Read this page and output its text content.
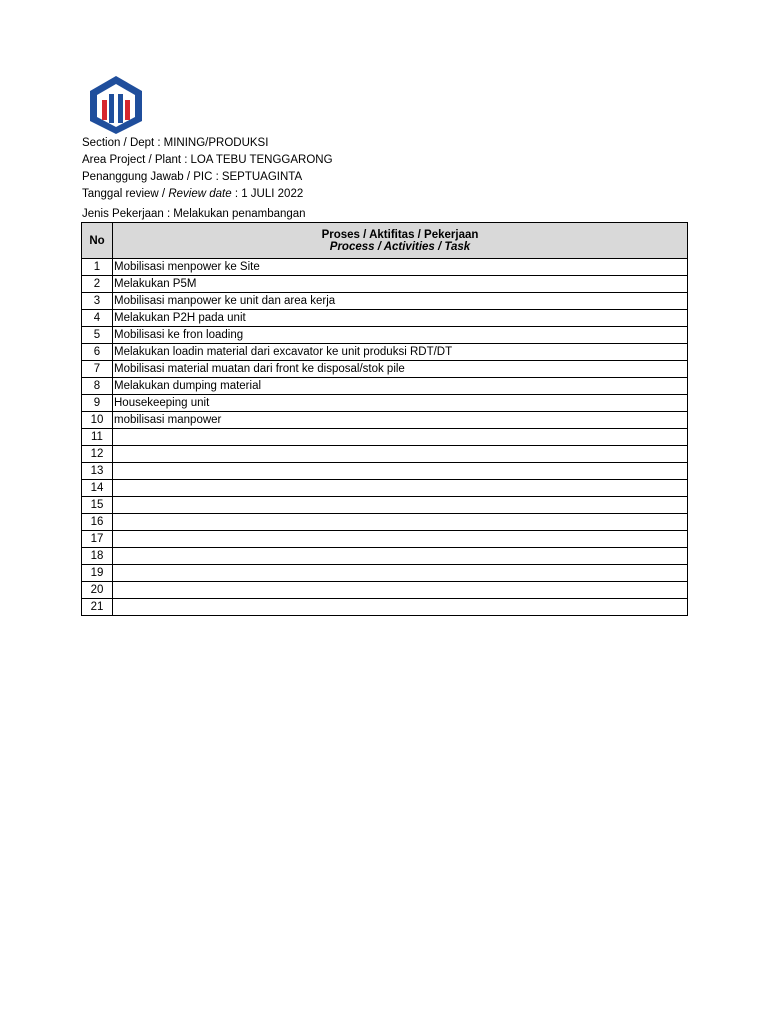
Section / Dept : MINING/PRODUKSI
Area Project / Plant : LOA TEBU TENGGARONG
Penanggung Jawab / PIC : SEPTUAGINTA
Tanggal review / Review date : 1 JULI 2022
Jenis Pekerjaan : Melakukan penambangan
No	Proses / Aktifitas / Pekerjaan
Process / Activities / Task

1	Mobilisasi menpower ke Site
2	Melakukan P5M
3	Mobilisasi manpower ke unit dan area kerja
4	Melakukan P2H pada unit
5	Mobilisasi ke fron loading
6	Melakukan loadin material dari excavator ke unit produksi RDT/DT
7	Mobilisasi material muatan dari front ke disposal/stok pile
8	Melakukan dumping material
9	Housekeeping unit
10	mobilisasi manpower
11	
12	
13	
14	
15	
16	
17	
18	
19	
20	
21	
